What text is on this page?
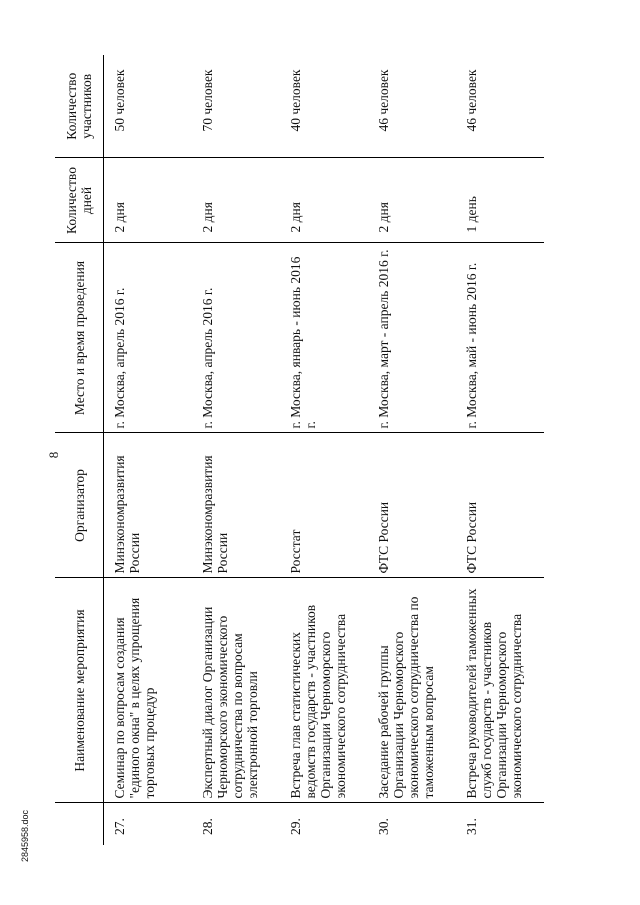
8
2845958.doc
	Наименование мероприятия	Организатор	Место и время проведения	Количество дней	Количество участников
27.	Семинар по вопросам создания "единого окна" в целях упрощения торговых процедур	Минэкономразвития России	г. Москва, апрель 2016 г.	2 дня	50 человек
28.	Экспертный диалог Организации Черноморского экономического сотрудничества по вопросам электронной торговли	Минэкономразвития России	г. Москва, апрель 2016 г.	2 дня	70 человек
29.	Встреча глав статистических ведомств государств - участников Организации Черноморского экономического сотрудничества	Росстат	г. Москва, январь - июнь 2016 г.	2 дня	40 человек
30.	Заседание рабочей группы Организации Черноморского экономического сотрудничества по таможенным вопросам	ФТС России	г. Москва, март - апрель 2016 г.	2 дня	46 человек
31.	Встреча руководителей таможенных служб государств - участников Организации Черноморского экономического сотрудничества	ФТС России	г. Москва, май - июнь 2016 г.	1 день	46 человек
